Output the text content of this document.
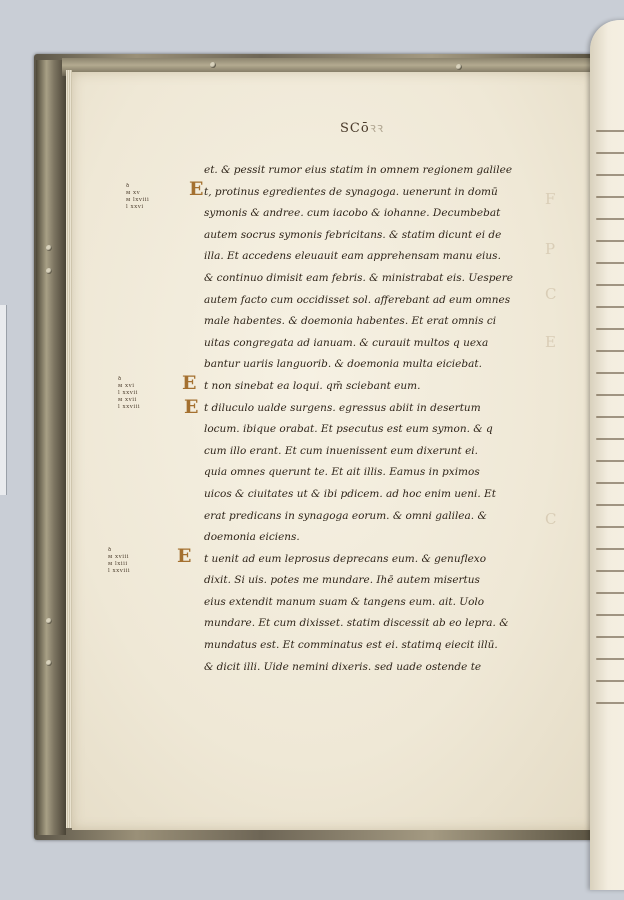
F
P
C
E
C
SCōꝛꝛ
ꝺ
ᴍ xv
ᴍ lxviii
l xxvi
ꝺ
ᴍ xvi
l xxvii
ᴍ xvii
l xxviii
ꝺ
ᴍ xviii
ᴍ lxiii
l xxviii
E
E
E
E
et. & pessit rumor eius statim in omnem regionem galilee
t, protinus egredientes de synagoga. uenerunt in domū
symonis & andree. cum iacobo & iohanne. Decumbebat
autem socrus symonis febricitans. & statim dicunt ei de
illa. Et accedens eleuauit eam apprehensam manu eius.
& continuo dimisit eam febris. & ministrabat eis. Uespere
autem facto cum occidisset sol. afferebant ad eum omnes
male habentes. & doemonia habentes. Et erat omnis ci
uitas congregata ad ianuam. & curauit multos q uexa
bantur uariis languorib. & doemonia multa eiciebat.
t non sinebat ea loqui. qm̄ sciebant eum.
t diluculo ualde surgens. egressus abiit in desertum
locum. ibique orabat. Et psecutus est eum symon. & q
cum illo erant. Et cum inuenissent eum dixerunt ei.
quia omnes querunt te. Et ait illis. Eamus in pximos
uicos & ciuitates ut & ibi pdicem. ad hoc enim ueni. Et
erat predicans in synagoga eorum. & omni galilea. &
doemonia eiciens.
t uenit ad eum leprosus deprecans eum. & genuflexo
dixit. Si uis. potes me mundare. Ihē autem misertus
eius extendit manum suam & tangens eum. ait. Uolo
mundare. Et cum dixisset. statim discessit ab eo lepra. &
mundatus est. Et comminatus est ei. statimq eiecit illū.
& dicit illi. Uide nemini dixeris. sed uade ostende te
